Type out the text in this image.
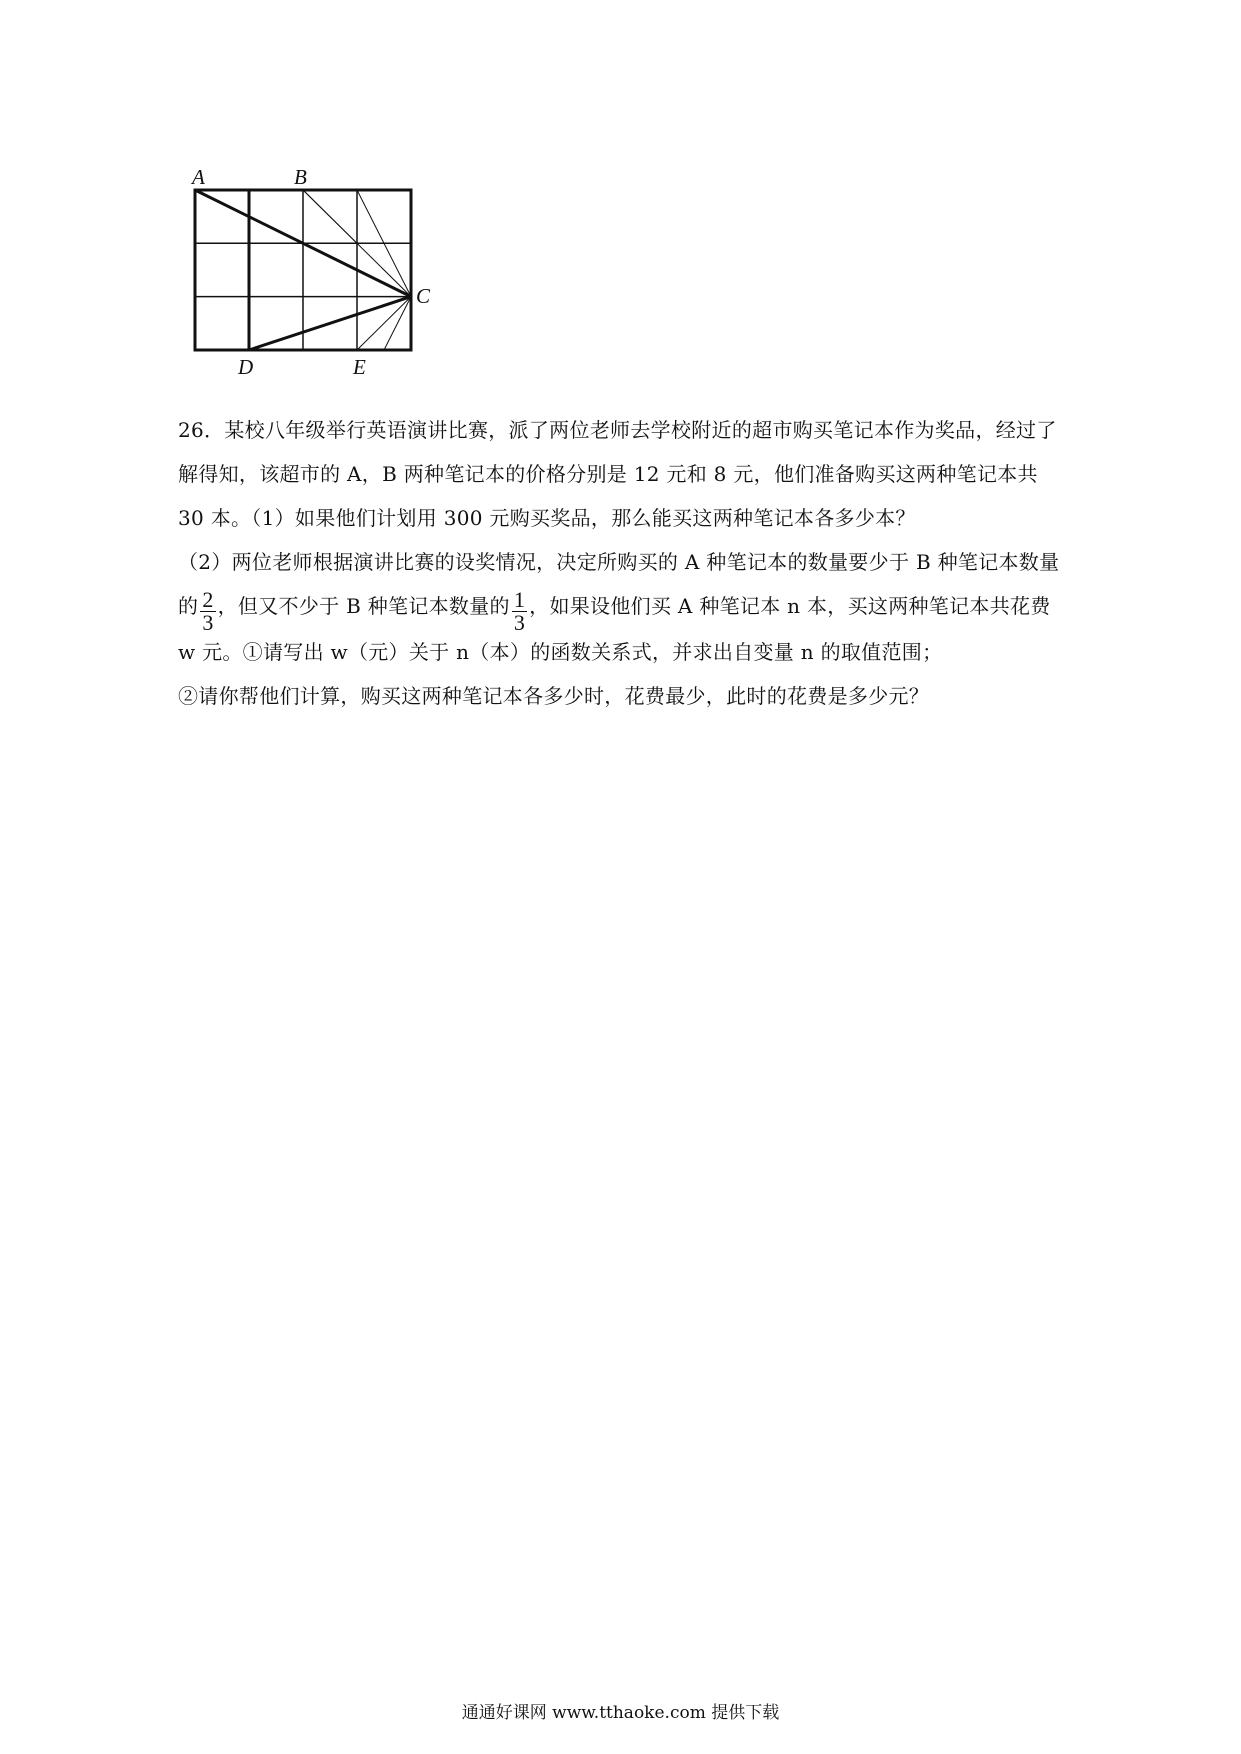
A	B
C
D	E

26．某校八年级举行英语演讲比赛，派了两位老师去学校附近的超市购买笔记本作为奖品，经过了解得知，该超市的 A，B 两种笔记本的价格分别是 12 元和 8 元，他们准备购买这两种笔记本共 30 本。（1）如果他们计划用 300 元购买奖品，那么能买这两种笔记本各多少本？

（2）两位老师根据演讲比赛的设奖情况，决定所购买的 A 种笔记本的数量要少于 B 种笔记本数量的 $\frac{2}{3}$ ，但又不少于 B 种笔记本数量的 $\frac{1}{3}$ ，如果设他们买 A 种笔记本 n 本，买这两种笔记本共花费 w 元。①请写出 w（元）关于 n（本）的函数关系式，并求出自变量 n 的取值范围；

②请你帮他们计算，购买这两种笔记本各多少时，花费最少，此时的花费是多少元？

通通好课网 www.tthaoke.com 提供下载
